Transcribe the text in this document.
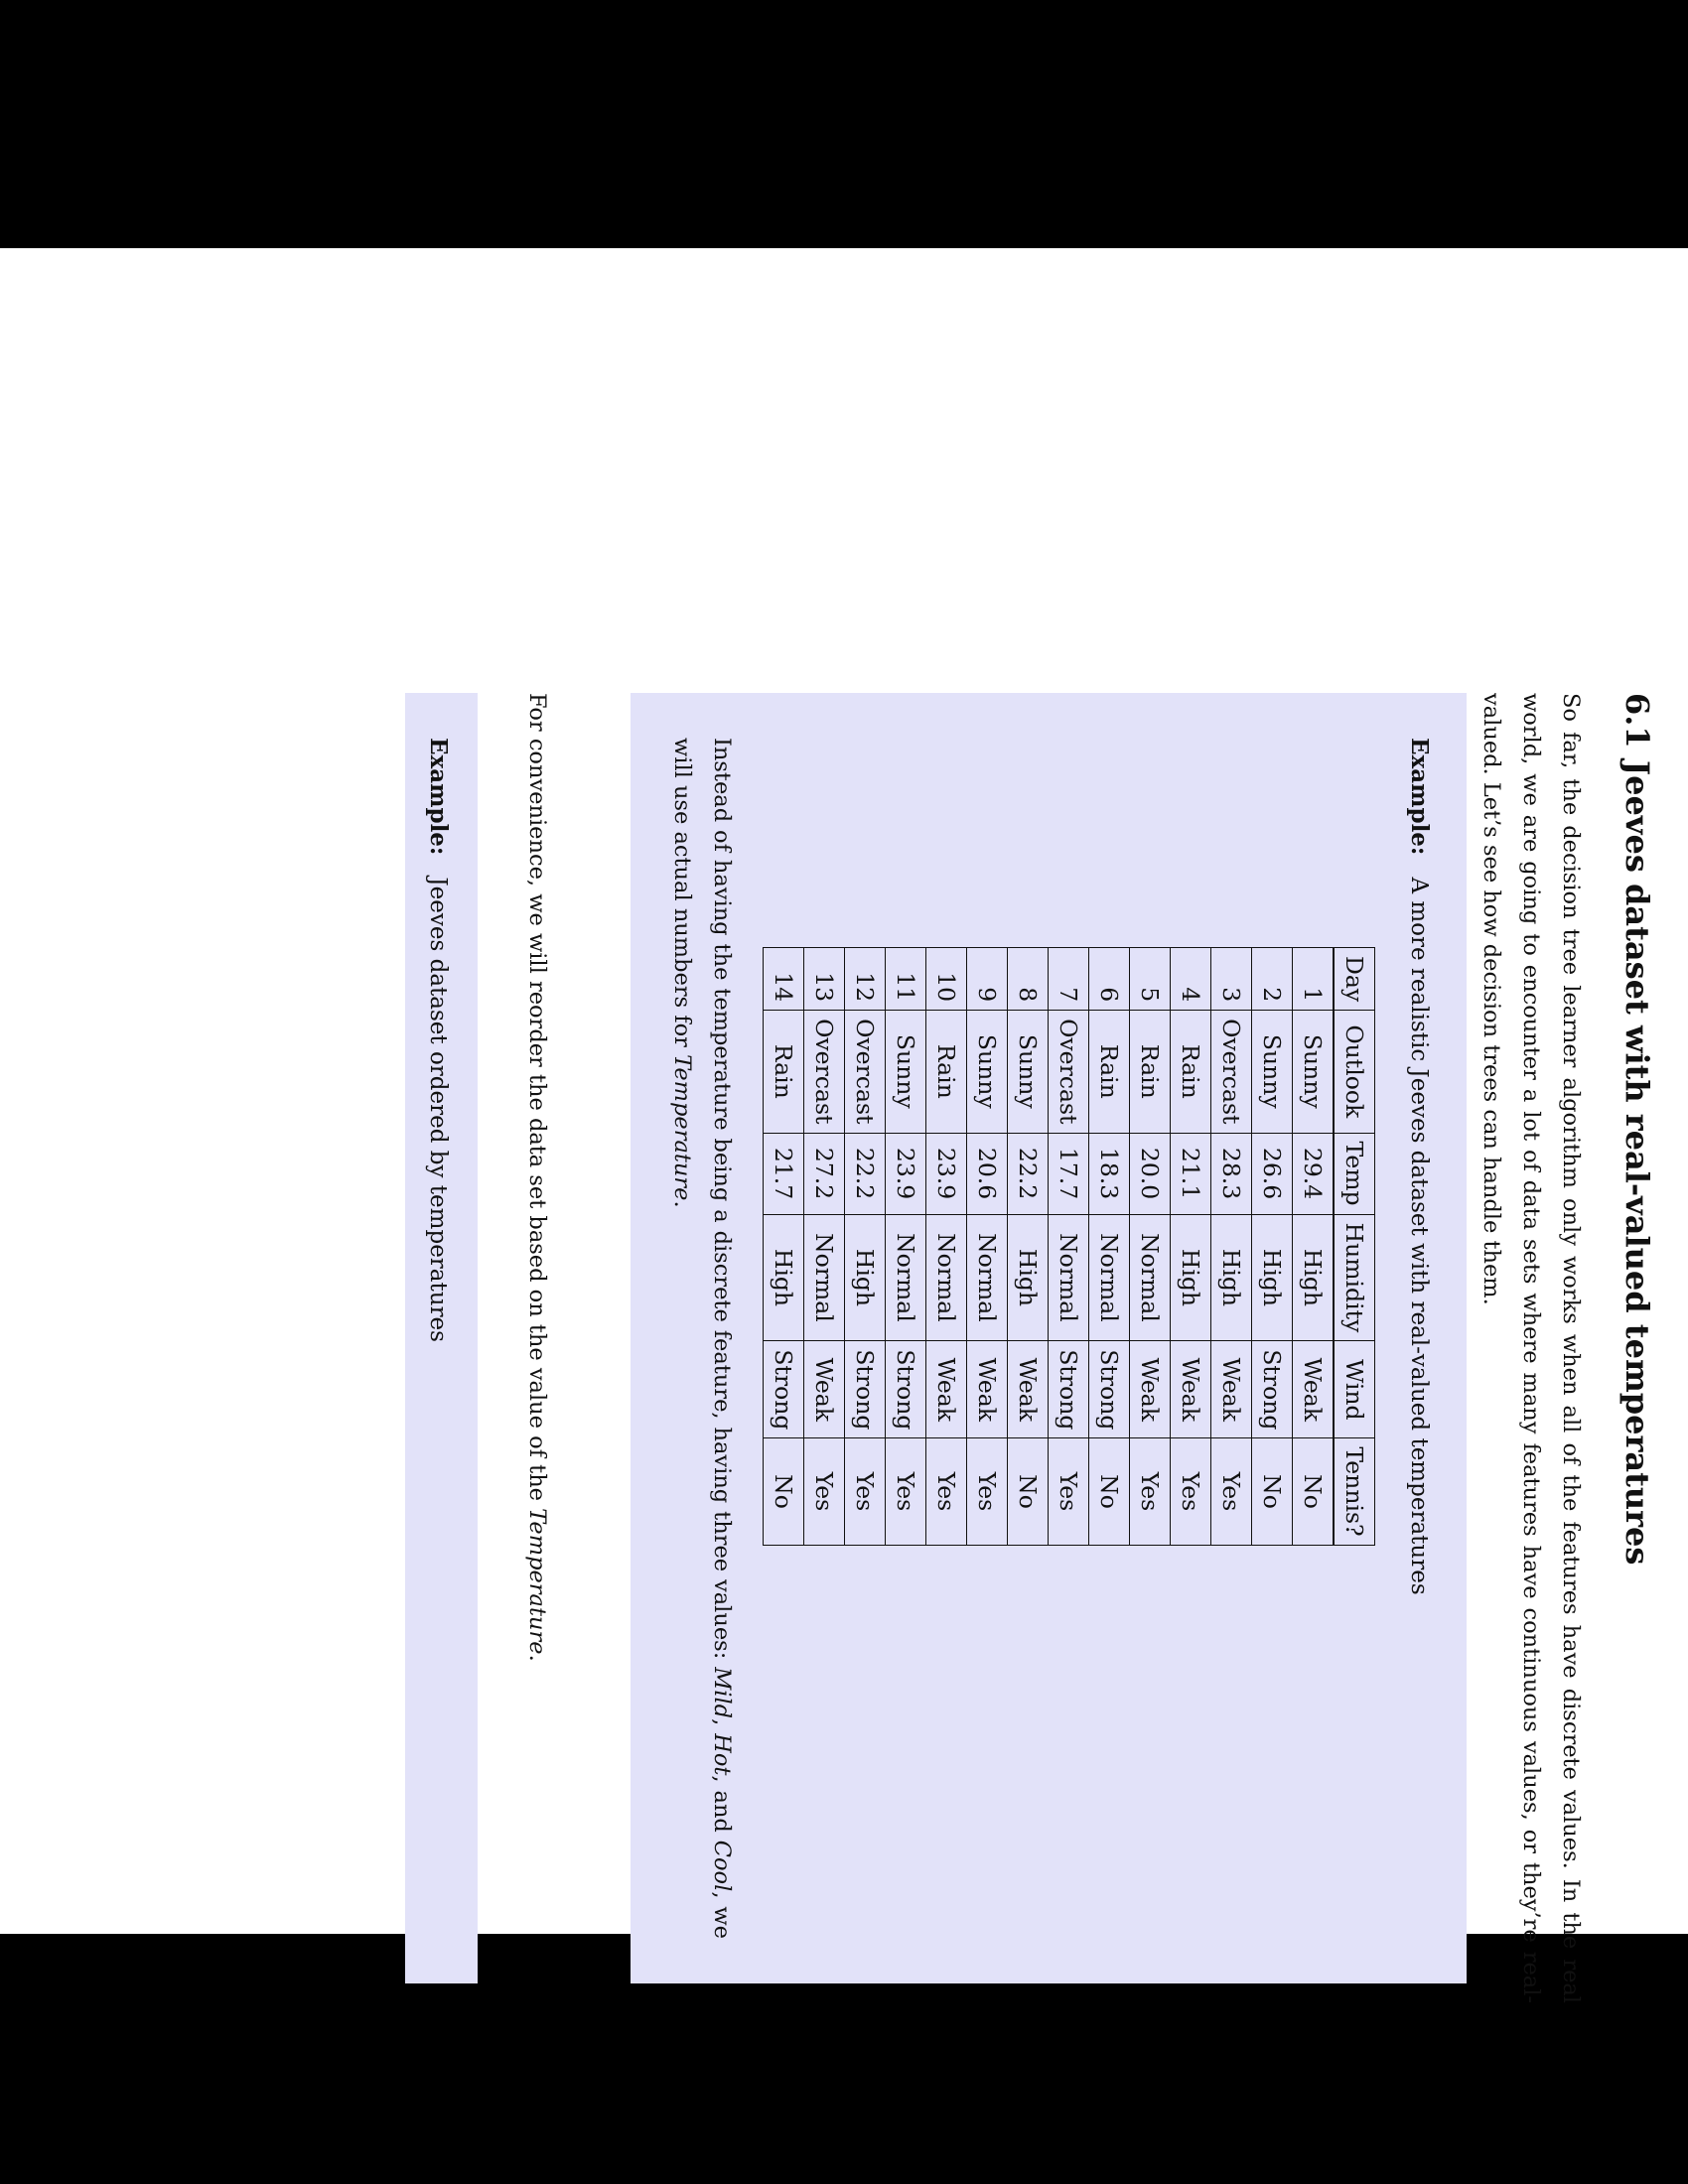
6.1Jeeves dataset with real-valued temperatures

So far, the decision tree learner algorithm only works when all of the features have discrete values. In the real world, we are going to encounter a lot of data sets where many features have continuous values, or they’re real-valued. Let’s see how decision trees can handle them.

Example:A more realistic Jeeves dataset with real-valued temperatures
Day	Outlook	Temp	Humidity	Wind	Tennis?
1	Sunny	29.4	High	Weak	No
2	Sunny	26.6	High	Strong	No
3	Overcast	28.3	High	Weak	Yes
4	Rain	21.1	High	Weak	Yes
5	Rain	20.0	Normal	Weak	Yes
6	Rain	18.3	Normal	Strong	No
7	Overcast	17.7	Normal	Strong	Yes
8	Sunny	22.2	High	Weak	No
9	Sunny	20.6	Normal	Weak	Yes
10	Rain	23.9	Normal	Weak	Yes
11	Sunny	23.9	Normal	Strong	Yes
12	Overcast	22.2	High	Strong	Yes
13	Overcast	27.2	Normal	Weak	Yes
14	Rain	21.7	High	Strong	No

Instead of having the temperature being a discrete feature, having three values: Mild, Hot, and Cool, we will use actual numbers for Temperature.

For convenience, we will reorder the data set based on the value of the Temperature.

Example:Jeeves dataset ordered by temperatures
